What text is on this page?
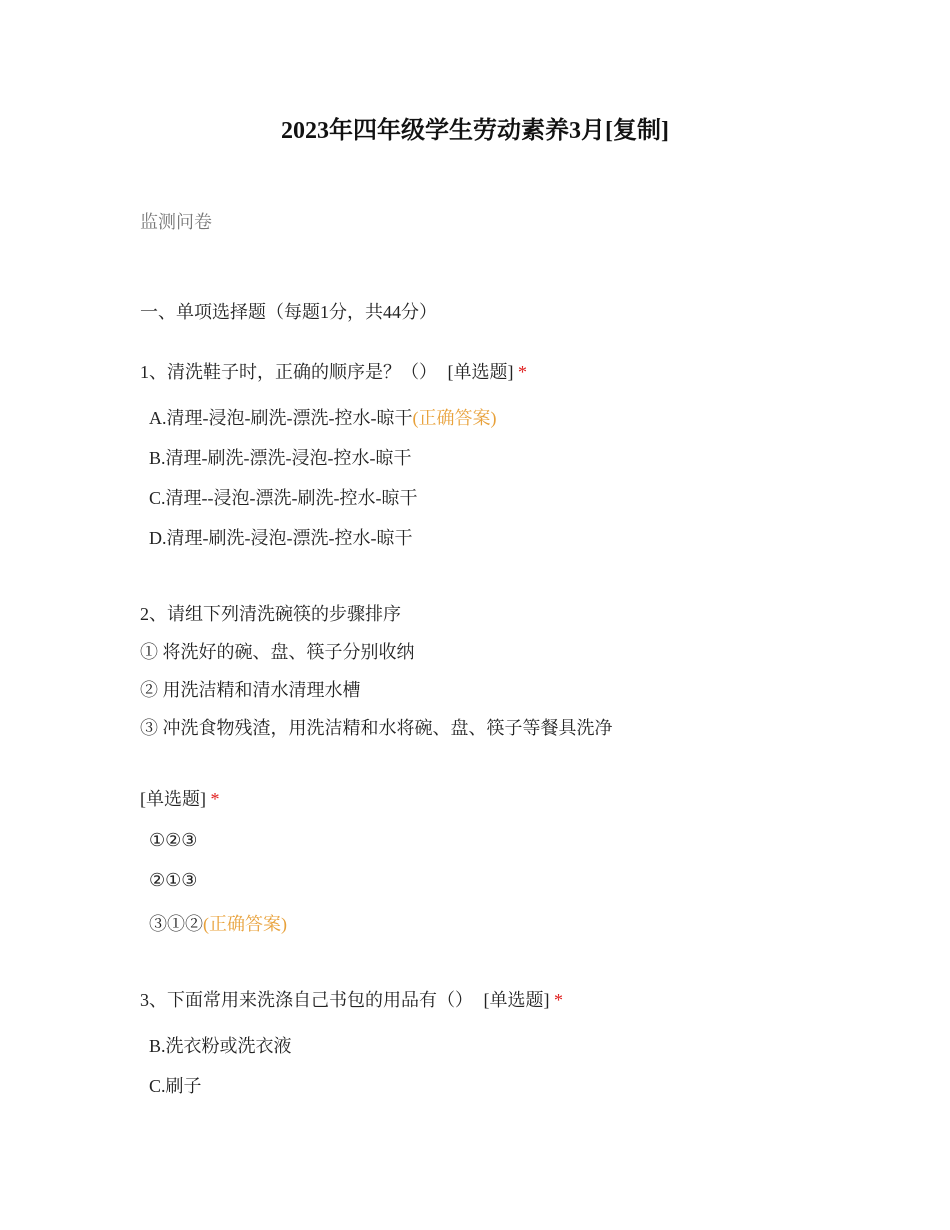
2023年四年级学生劳动素养3月[复制]
监测问卷
一、单项选择题（每题1分，共44分）
1、清洗鞋子时，正确的顺序是？（） [单选题] *
A.清理-浸泡-刷洗-漂洗-控水-晾干(正确答案)
B.清理-刷洗-漂洗-浸泡-控水-晾干
C.清理--浸泡-漂洗-刷洗-控水-晾干
D.清理-刷洗-浸泡-漂洗-控水-晾干
2、请组下列清洗碗筷的步骤排序
① 将洗好的碗、盘、筷子分别收纳
② 用洗洁精和清水清理水槽
③ 冲洗食物残渣，用洗洁精和水将碗、盘、筷子等餐具洗净
[单选题] *
①②③
②①③
③①②(正确答案)
3、下面常用来洗涤自己书包的用品有（） [单选题] *
B.洗衣粉或洗衣液
C.刷子
